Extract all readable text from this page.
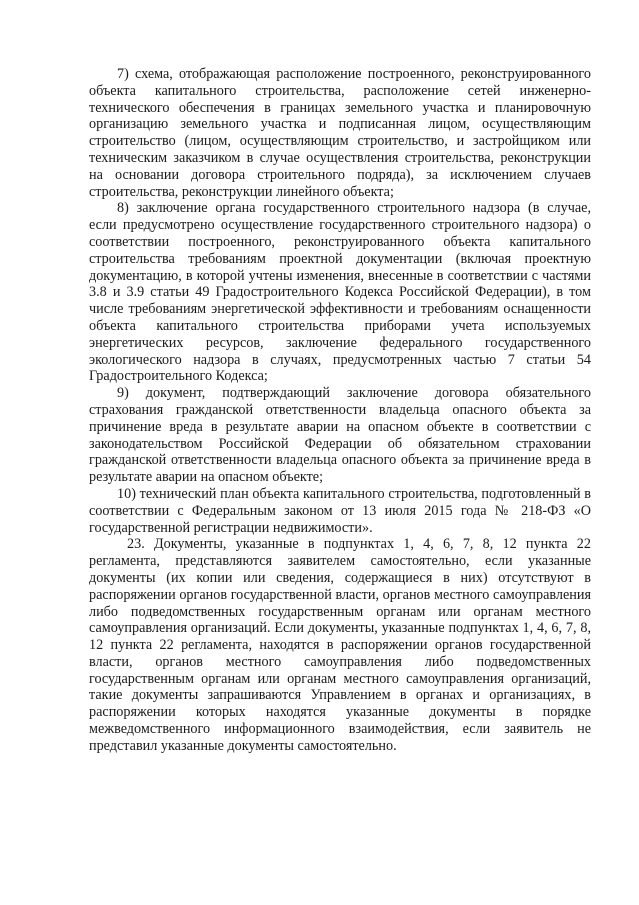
7) схема, отображающая расположение построенного, реконструированного объекта капитального строительства, расположение сетей инженерно-технического обеспечения в границах земельного участка и планировочную организацию земельного участка и подписанная лицом, осуществляющим строительство (лицом, осуществляющим строительство, и застройщиком или техническим заказчиком в случае осуществления строительства, реконструкции на основании договора строительного подряда), за исключением случаев строительства, реконструкции линейного объекта;

8) заключение органа государственного строительного надзора (в случае, если предусмотрено осуществление государственного строительного надзора) о соответствии построенного, реконструированного объекта капитального строительства требованиям проектной документации (включая проектную документацию, в которой учтены изменения, внесенные в соответствии с частями 3.8 и 3.9 статьи 49 Градостроительного Кодекса Российской Федерации), в том числе требованиям энергетической эффективности и требованиям оснащенности объекта капитального строительства приборами учета используемых энергетических ресурсов, заключение федерального государственного экологического надзора в случаях, предусмотренных частью 7 статьи 54 Градостроительного Кодекса;

9) документ, подтверждающий заключение договора обязательного страхования гражданской ответственности владельца опасного объекта за причинение вреда в результате аварии на опасном объекте в соответствии с законодательством Российской Федерации об обязательном страховании гражданской ответственности владельца опасного объекта за причинение вреда в результате аварии на опасном объекте;

10) технический план объекта капитального строительства, подготовленный в соответствии с Федеральным законом от 13 июля 2015 года № 218-ФЗ «О государственной регистрации недвижимости».

23. Документы, указанные в подпунктах 1, 4, 6, 7, 8, 12 пункта 22 регламента, представляются заявителем самостоятельно, если указанные документы (их копии или сведения, содержащиеся в них) отсутствуют в распоряжении органов государственной власти, органов местного самоуправления либо подведомственных государственным органам или органам местного самоуправления организаций. Если документы, указанные подпунктах 1, 4, 6, 7, 8, 12 пункта 22 регламента, находятся в распоряжении органов государственной власти, органов местного самоуправления либо подведомственных государственным органам или органам местного самоуправления организаций, такие документы запрашиваются Управлением в органах и организациях, в распоряжении которых находятся указанные документы в порядке межведомственного информационного взаимодействия, если заявитель не представил указанные документы самостоятельно.
